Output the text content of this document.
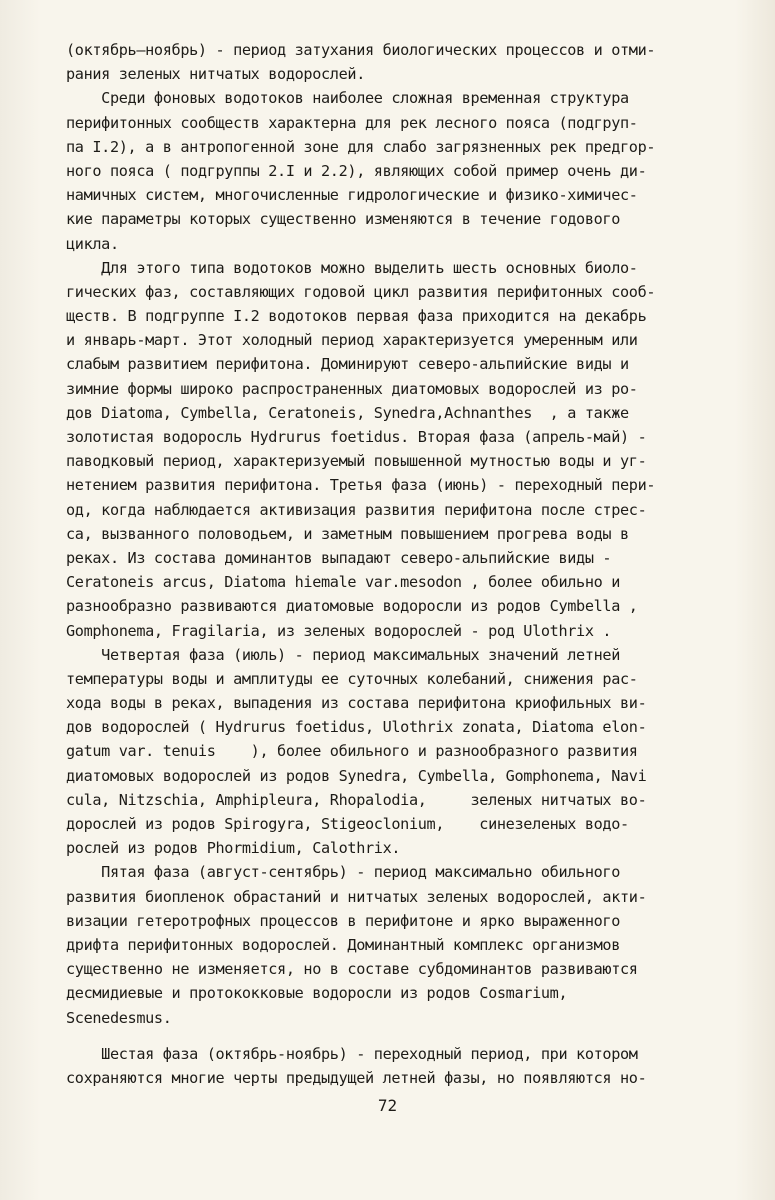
(октябрь—ноябрь) - период затухания биологических процессов и отми-
рания зеленых нитчатых водорослей.
Среди фоновых водотоков наиболее сложная временная структура
перифитонных сообществ характерна для рек лесного пояса (подгруп-
па I.2), а в антропогенной зоне для слабо загрязненных рек предгор-
ного пояса ( подгруппы 2.I и 2.2), являющих собой пример очень ди-
намичных систем, многочисленные гидрологические и физико-химичес-
кие параметры которых существенно изменяются в течение годового
цикла.
Для этого типа водотоков можно выделить шесть основных биоло-
гических фаз, составляющих годовой цикл развития перифитонных сооб-
ществ. В подгруппе I.2 водотоков первая фаза приходится на декабрь
и январь-март. Этот холодный период характеризуется умеренным или
слабым развитием перифитона. Доминируют северо-альпийские виды и
зимние формы широко распространенных диатомовых водорослей из ро-
дов Diatoma, Cymbella, Ceratoneis, Synedra,Achnanthes  , а также
золотистая водоросль Hydrurus foetidus. Вторая фаза (апрель-май) -
паводковый период, характеризуемый повышенной мутностью воды и уг-
нетением развития перифитона. Третья фаза (июнь) - переходный пери-
од, когда наблюдается активизация развития перифитона после стрес-
са, вызванного половодьем, и заметным повышением прогрева воды в
реках. Из состава доминантов выпадают северо-альпийские виды -
Ceratoneis arcus, Diatoma hiemale var.mesodon , более обильно и
разнообразно развиваются диатомовые водоросли из родов Cymbella ,
Gomphonema, Fragilaria, из зеленых водорослей - род Ulothrix .
Четвертая фаза (июль) - период максимальных значений летней
температуры воды и амплитуды ее суточных колебаний, снижения рас-
хода воды в реках, выпадения из состава перифитона криофильных ви-
дов водорослей ( Hydrurus foetidus, Ulothrix zonata, Diatoma elon-
gatum var. tenuis    ), более обильного и разнообразного развития
диатомовых водорослей из родов Synedra, Cymbella, Gomphonema, Navi
cula, Nitzschia, Amphipleura, Rhopalodia,     зеленых нитчатых во-
дорослей из родов Spirogyra, Stigeoclonium,    синезеленых водо-
рослей из родов Phormidium, Calothrix.
Пятая фаза (август-сентябрь) - период максимально обильного
развития биопленок обрастаний и нитчатых зеленых водорослей, акти-
визации гетеротрофных процессов в перифитоне и ярко выраженного
дрифта перифитонных водорослей. Доминантный комплекс организмов
существенно не изменяется, но в составе субдоминантов развиваются
десмидиевые и протококковые водоросли из родов Cosmarium,
Scenedesmus.
Шестая фаза (октябрь-ноябрь) - переходный период, при котором
сохраняются многие черты предыдущей летней фазы, но появляются но-
72
